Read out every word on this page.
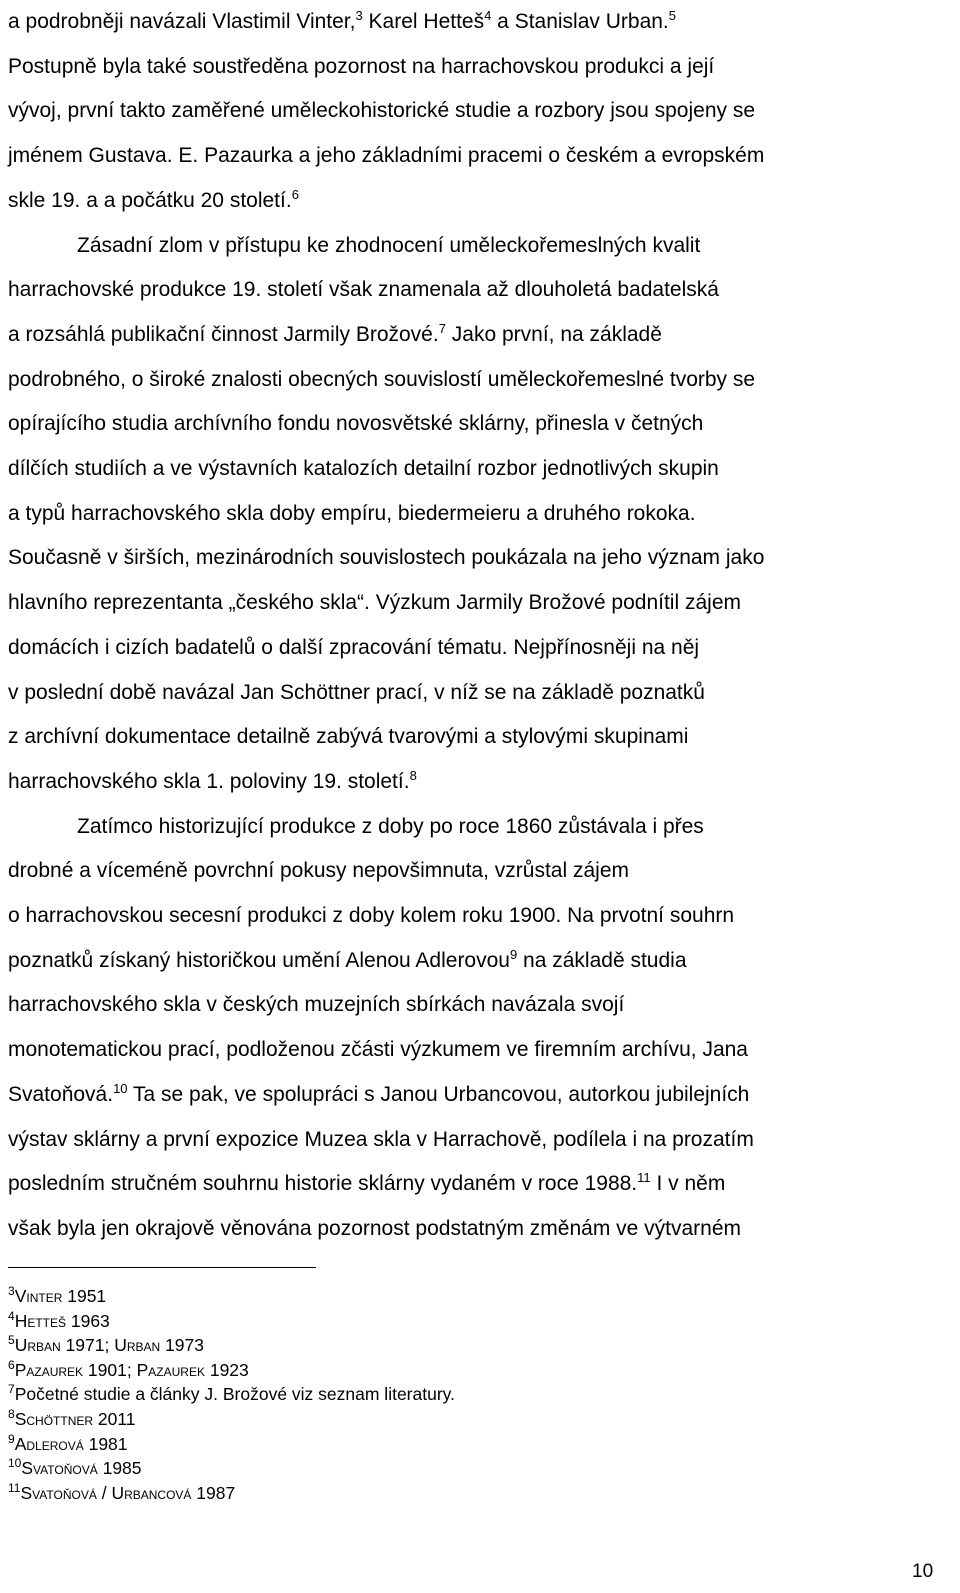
a podrobněji navázali Vlastimil Vinter,$^3$ Karel Hetteš$^4$ a Stanislav Urban.$^5$
Postupně byla také soustředěna pozornost na harrachovskou produkci a její
vývoj, první takto zaměřené uměleckohistorické studie a rozbory jsou spojeny se
jménem Gustava. E. Pazaurka a jeho základními pracemi o českém a evropském
skle 19. a a počátku 20 století.$^6$
Zásadní zlom v přístupu ke zhodnocení uměleckořemeslných kvalit
harrachovské produkce 19. století však znamenala až dlouholetá badatelská
a rozsáhlá publikační činnost Jarmily Brožové.$^7$ Jako první, na základě
podrobného, o široké znalosti obecných souvislostí uměleckořemeslné tvorby se
opírajícího studia archívního fondu novosvětské sklárny, přinesla v četných
dílčích studiích a ve výstavních katalozích detailní rozbor jednotlivých skupin
a typů harrachovského skla doby empíru, biedermeieru a druhého rokoka.
Současně v širších, mezinárodních souvislostech poukázala na jeho význam jako
hlavního reprezentanta „českého skla“. Výzkum Jarmily Brožové podnítil zájem
domácích i cizích badatelů o další zpracování tématu. Nejpřínosněji na něj
v poslední době navázal Jan Schöttner prací, v níž se na základě poznatků
z archívní dokumentace detailně zabývá tvarovými a stylovými skupinami
harrachovského skla 1. poloviny 19. století.$^8$
Zatímco historizující produkce z doby po roce 1860 zůstávala i přes
drobné a víceméně povrchní pokusy nepovšimnuta, vzrůstal zájem
o harrachovskou secesní produkci z doby kolem roku 1900. Na prvotní souhrn
poznatků získaný historičkou umění Alenou Adlerovou$^9$ na základě studia
harrachovského skla v českých muzejních sbírkách navázala svojí
monotematickou prací, podloženou zčásti výzkumem ve firemním archívu, Jana
Svatoňová.$^{10}$ Ta se pak, ve spolupráci s Janou Urbancovou, autorkou jubilejních
výstav sklárny a první expozice Muzea skla v Harrachově, podílela i na prozatím
posledním stručném souhrnu historie sklárny vydaném v roce 1988.11 I v něm
však byla jen okrajově věnována pozornost podstatným změnám ve výtvarném
$^3$Vinter 1951
$^4$Hetteš 1963
$^5$Urban 1971; Urban 1973
$^6$Pazaurek 1901; Pazaurek 1923
$^7$Početné studie a články J. Brožové viz seznam literatury.
$^8$Schöttner 2011
$^9$Adlerová 1981
$^{10}$Svatoňová 1985
$^{11}$Svatoňová / Urbancová 1987
10
